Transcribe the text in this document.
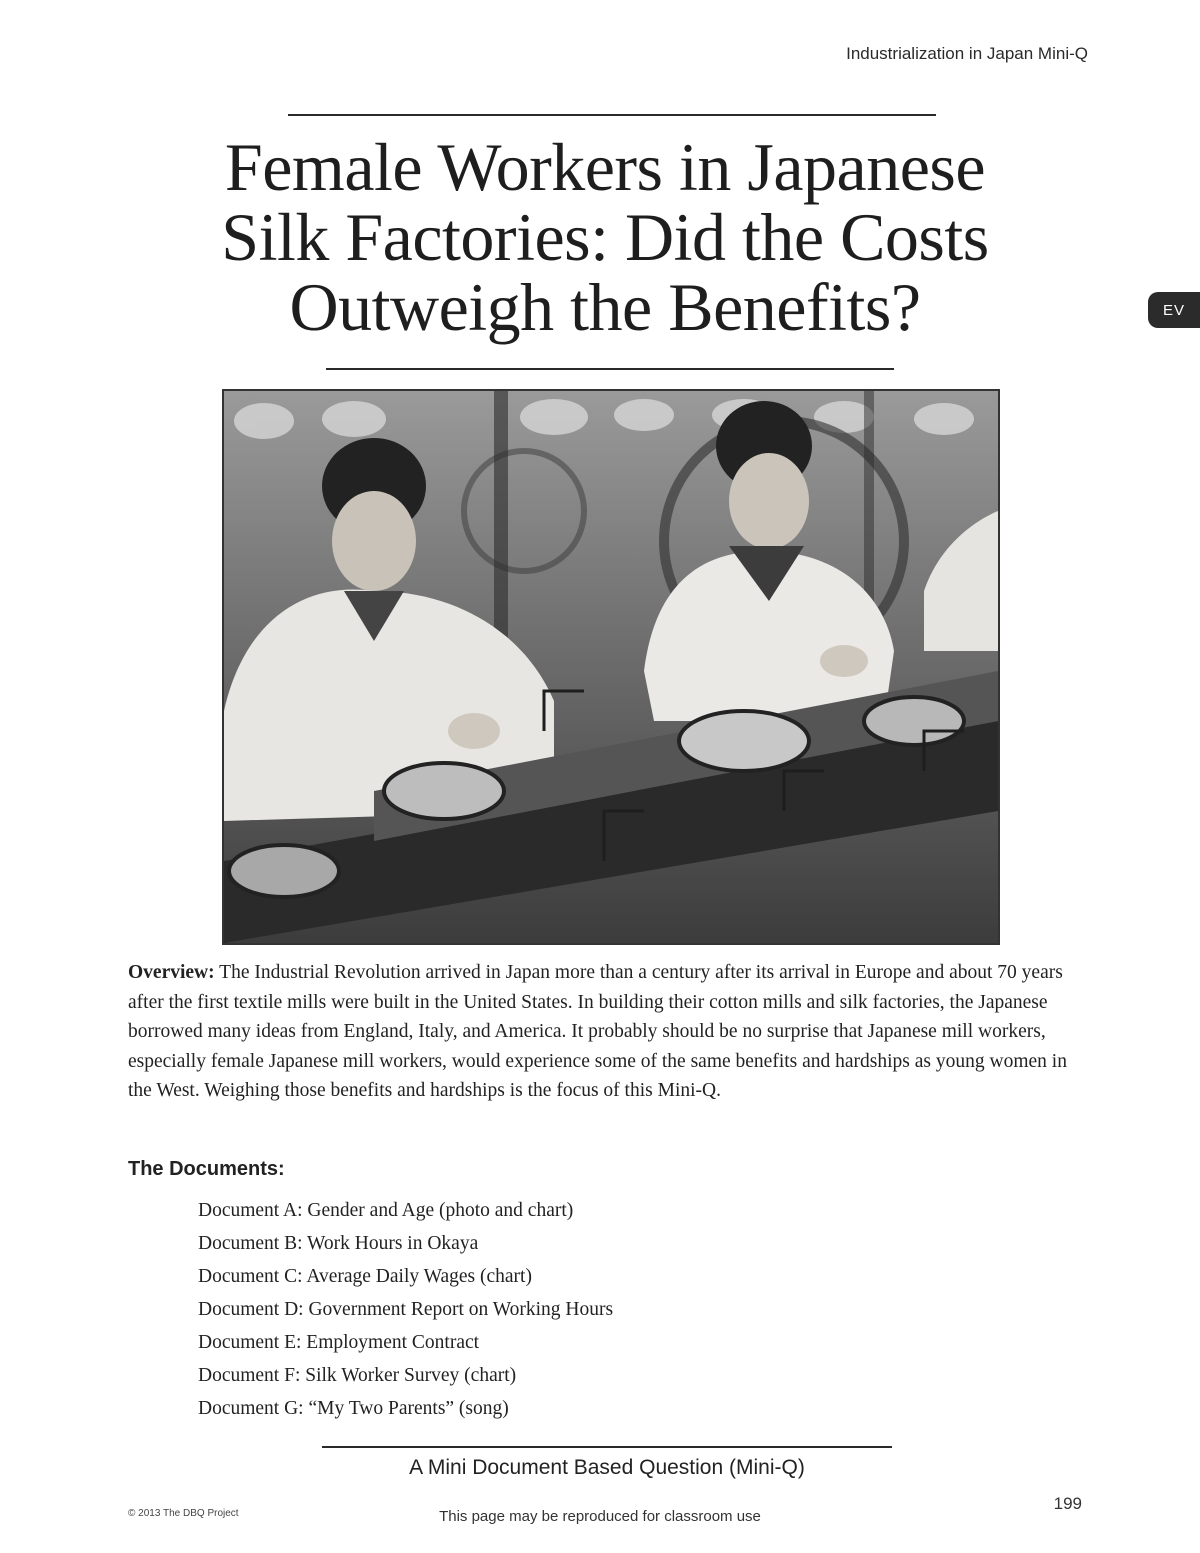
Industrialization in Japan Mini-Q
Female Workers in Japanese
Silk Factories: Did the Costs
Outweigh the Benefits?	EV

Overview: The Industrial Revolution arrived in Japan more than a century after its arrival in Europe and about 70 years after the first textile mills were built in the United States. In building their cotton mills and silk factories, the Japanese borrowed many ideas from England, Italy, and America. It probably should be no surprise that Japanese mill workers, especially female Japanese mill workers, would experience some of the same benefits and hardships as young women in the West. Weighing those benefits and hardships is the focus of this Mini-Q.

The Documents:
Document A: Gender and Age (photo and chart)
Document B: Work Hours in Okaya
Document C: Average Daily Wages (chart)
Document D: Government Report on Working Hours
Document E: Employment Contract
Document F: Silk Worker Survey (chart)
Document G: “My Two Parents” (song)
A Mini Document Based Question (Mini-Q)
199
© 2013 The DBQ Project	This page may be reproduced for classroom use
